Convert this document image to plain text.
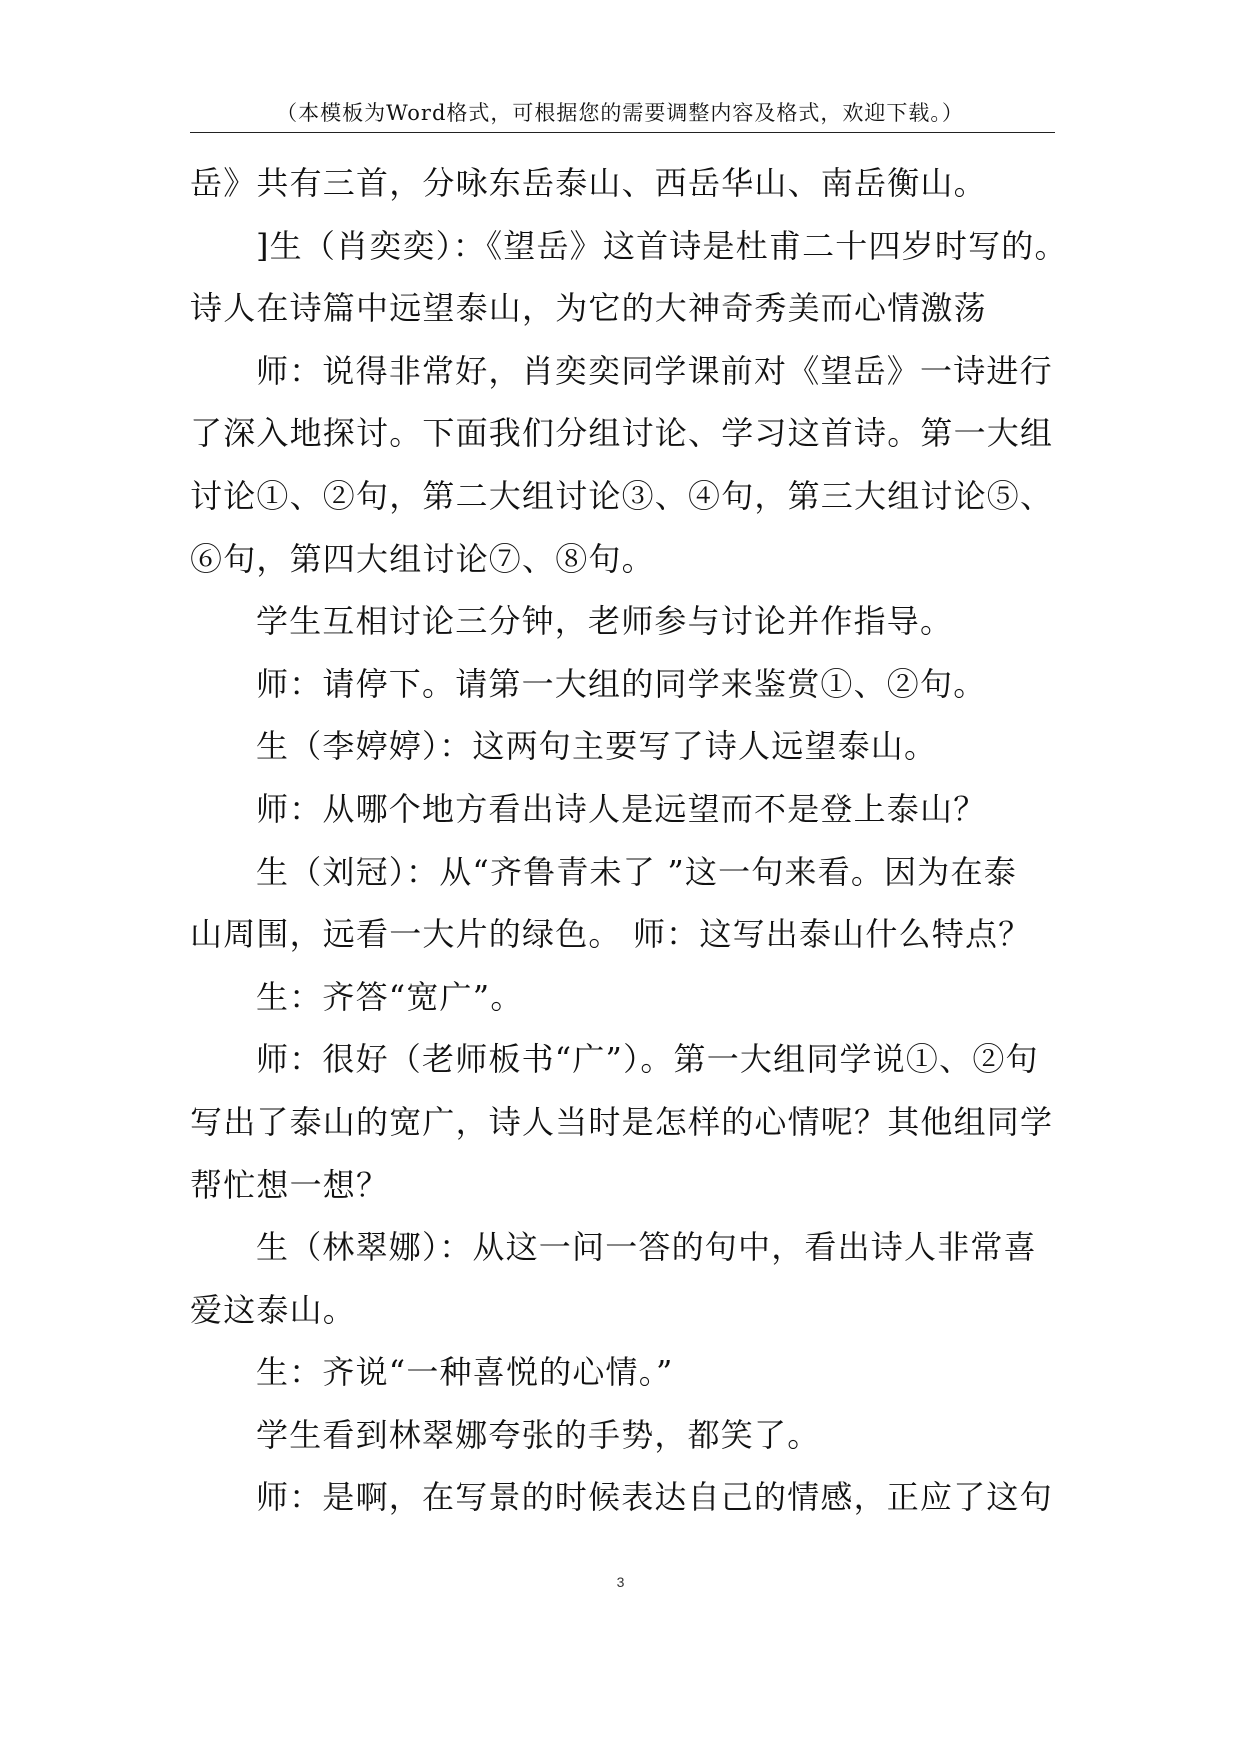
（本模板为Word格式，可根据您的需要调整内容及格式，欢迎下载。）
岳》共有三首，分咏东岳泰山、西岳华山、南岳衡山。
]生（肖奕奕）：《望岳》这首诗是杜甫二十四岁时写的。
诗人在诗篇中远望泰山，为它的大神奇秀美而心情激荡
师：说得非常好，肖奕奕同学课前对《望岳》一诗进行
了深入地探讨。下面我们分组讨论、学习这首诗。第一大组
讨论①、②句，第二大组讨论③、④句，第三大组讨论⑤、
⑥句，第四大组讨论⑦、⑧句。
学生互相讨论三分钟，老师参与讨论并作指导。
师：请停下。请第一大组的同学来鉴赏①、②句。
生（李婷婷）：这两句主要写了诗人远望泰山。
师：从哪个地方看出诗人是远望而不是登上泰山？
生（刘冠）：从“齐鲁青未了 ”这一句来看。因为在泰
山周围，远看一大片的绿色。 师：这写出泰山什么特点？
生：齐答“宽广”。
师：很好（老师板书“广”）。第一大组同学说①、②句
写出了泰山的宽广，诗人当时是怎样的心情呢？其他组同学
帮忙想一想？
生（林翠娜）：从这一问一答的句中，看出诗人非常喜
爱这泰山。
生：齐说“一种喜悦的心情。”
学生看到林翠娜夸张的手势，都笑了。
师：是啊，在写景的时候表达自己的情感，正应了这句
3
